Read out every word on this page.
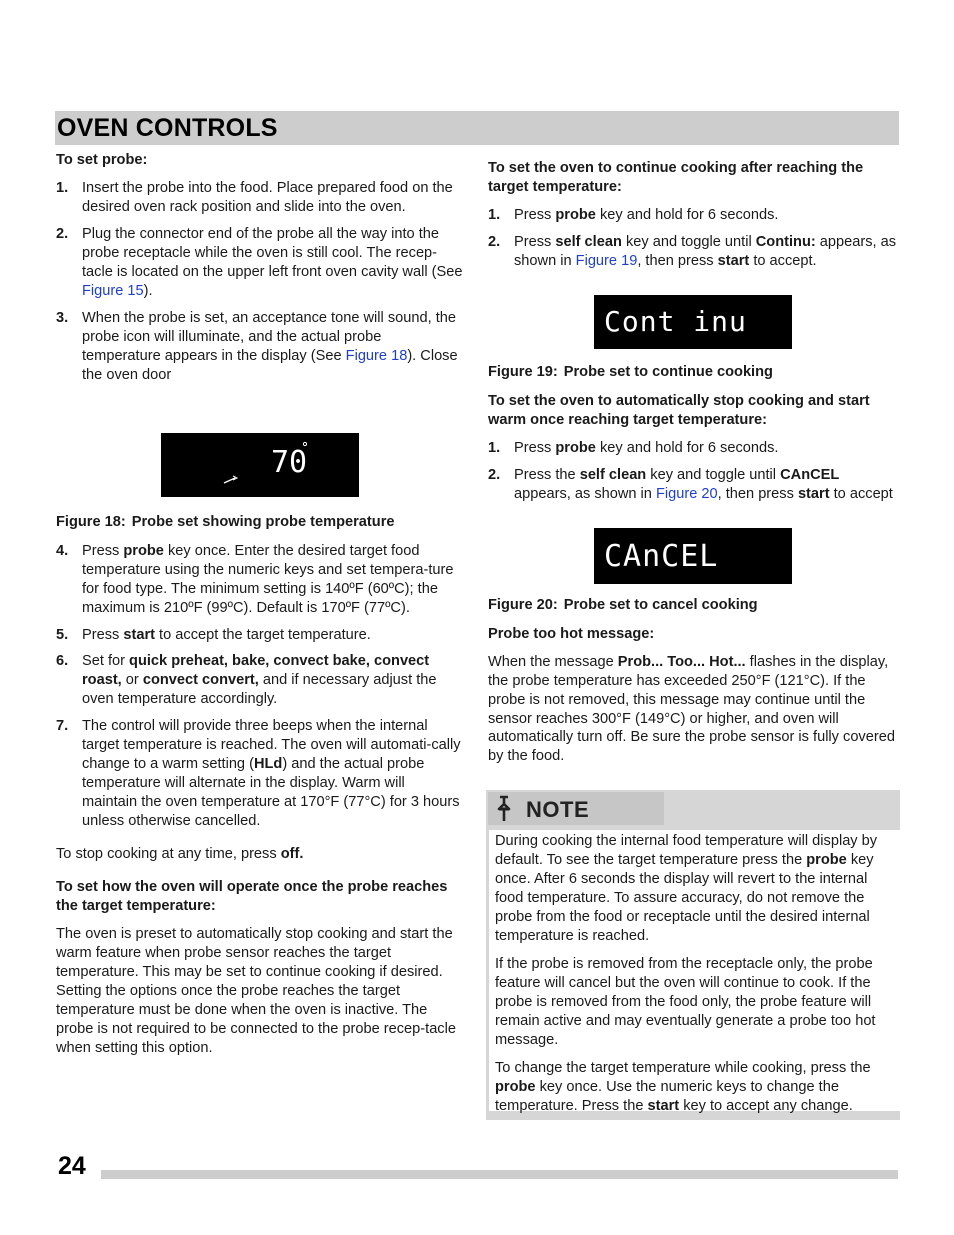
OVEN CONTROLS
To set probe:
1. Insert the probe into the food. Place prepared food on the desired oven rack position and slide into the oven.
2. Plug the connector end of the probe all the way into the probe receptacle while the oven is still cool. The recep-tacle is located on the upper left front oven cavity wall (See Figure 15).
3. When the probe is set, an acceptance tone will sound, the probe icon will illuminate, and the actual probe temperature appears in the display (See Figure 18). Close the oven door
70
Figure 18: Probe set showing probe temperature
4. Press probe key once. Enter the desired target food temperature using the numeric keys and set tempera-ture for food type. The minimum setting is 140ºF (60ºC); the maximum is 210ºF (99ºC). Default is 170ºF (77ºC).
5. Press start to accept the target temperature.
6. Set for quick preheat, bake, convect bake, convect roast, or convect convert, and if necessary adjust the oven temperature accordingly.
7. The control will provide three beeps when the internal target temperature is reached. The oven will automati-cally change to a warm setting (HLd) and the actual probe temperature will alternate in the display. Warm will maintain the oven temperature at 170°F (77°C) for 3 hours unless otherwise cancelled.

To stop cooking at any time, press off.

To set how the oven will operate once the probe reaches the target temperature:

The oven is preset to automatically stop cooking and start the warm feature when probe sensor reaches the target temperature. This may be set to continue cooking if desired. Setting the options once the probe reaches the target temperature must be done when the oven is inactive. The probe is not required to be connected to the probe recep-tacle when setting this option.

To set the oven to continue cooking after reaching the target temperature:
1. Press probe key and hold for 6 seconds.
2. Press self clean key and toggle until Continu: appears, as shown in Figure 19, then press start to accept.
Cont inu
Figure 19: Probe set to continue cooking
To set the oven to automatically stop cooking and start warm once reaching target temperature:
1. Press probe key and hold for 6 seconds.
2. Press the self clean key and toggle until CAnCEL appears, as shown in Figure 20, then press start to accept
CAnCEL
Figure 20: Probe set to cancel cooking
Probe too hot message:

When the message Prob... Too... Hot... flashes in the display, the probe temperature has exceeded 250°F (121°C). If the probe is not removed, this message may continue until the sensor reaches 300°F (149°C) or higher, and oven will automatically turn off. Be sure the probe sensor is fully covered by the food.

NOTE

During cooking the internal food temperature will display by default. To see the target temperature press the probe key once. After 6 seconds the display will revert to the internal food temperature. To assure accuracy, do not remove the probe from the food or receptacle until the desired internal temperature is reached.

If the probe is removed from the receptacle only, the probe feature will cancel but the oven will continue to cook. If the probe is removed from the food only, the probe feature will remain active and may eventually generate a probe too hot message.

To change the target temperature while cooking, press the probe key once. Use the numeric keys to change the temperature. Press the start key to accept any change.

24
